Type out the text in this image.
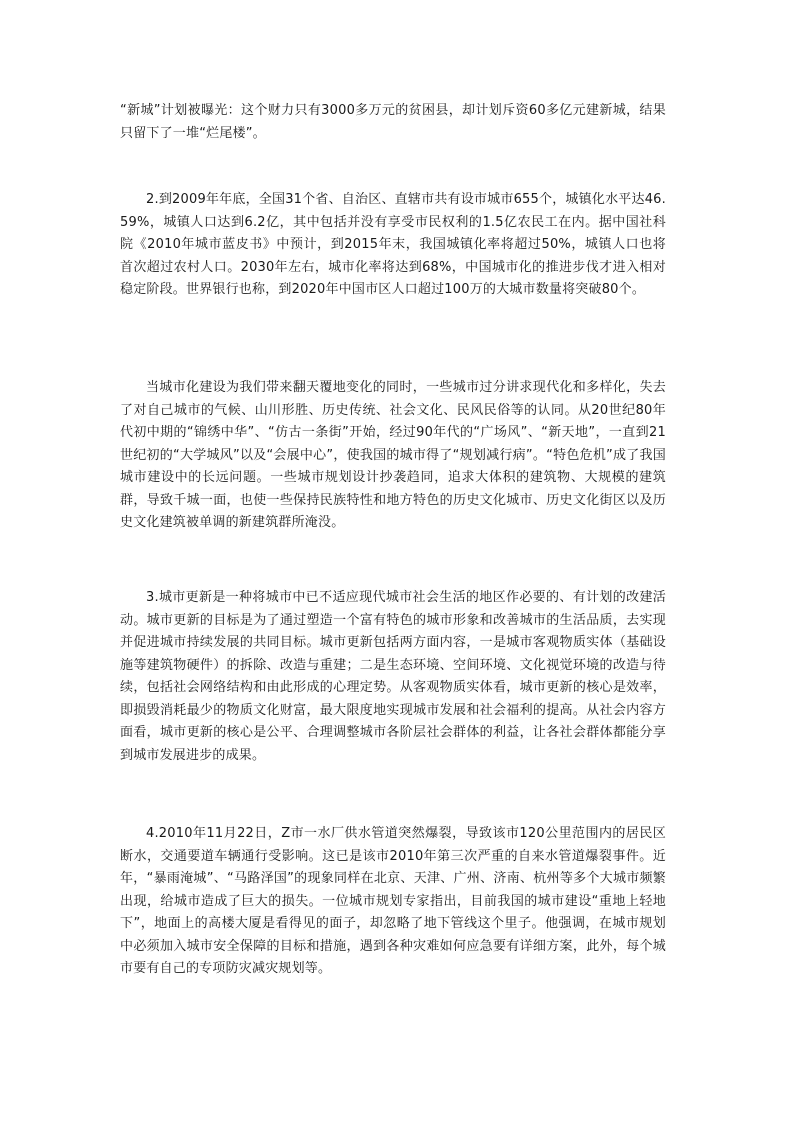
“新城”计划被曝光：这个财力只有3000多万元的贫困县，却计划斥资60多亿元建新城，结果只留下了一堆“烂尾楼”。

2.到2009年年底，全国31个省、自治区、直辖市共有设市城市655个，城镇化水平达46.59%，城镇人口达到6.2亿，其中包括并没有享受市民权利的1.5亿农民工在内。据中国社科院《2010年城市蓝皮书》中预计，到2015年末，我国城镇化率将超过50%，城镇人口也将首次超过农村人口。2030年左右，城市化率将达到68%，中国城市化的推进步伐才进入相对稳定阶段。世界银行也称，到2020年中国市区人口超过100万的大城市数量将突破80个。

当城市化建设为我们带来翻天覆地变化的同时，一些城市过分讲求现代化和多样化，失去了对自己城市的气候、山川形胜、历史传统、社会文化、民风民俗等的认同。从20世纪80年代初中期的“锦绣中华”、“仿古一条街”开始，经过90年代的“广场风”、“新天地”，一直到21世纪初的“大学城风”以及“会展中心”，使我国的城市得了“规划减行病”。“特色危机”成了我国城市建设中的长远问题。一些城市规划设计抄袭趋同，追求大体积的建筑物、大规模的建筑群，导致千城一面，也使一些保持民族特性和地方特色的历史文化城市、历史文化街区以及历史文化建筑被单调的新建筑群所淹没。

3.城市更新是一种将城市中已不适应现代城市社会生活的地区作必要的、有计划的改建活动。城市更新的目标是为了通过塑造一个富有特色的城市形象和改善城市的生活品质，去实现并促进城市持续发展的共同目标。城市更新包括两方面内容，一是城市客观物质实体（基础设施等建筑物硬件）的拆除、改造与重建；二是生态环境、空间环境、文化视觉环境的改造与待续，包括社会网络结构和由此形成的心理定势。从客观物质实体看，城市更新的核心是效率，即损毁消耗最少的物质文化财富，最大限度地实现城市发展和社会福利的提高。从社会内容方面看，城市更新的核心是公平、合理调整城市各阶层社会群体的利益，让各社会群体都能分享到城市发展进步的成果。

4.2010年11月22日，Z市一水厂供水管道突然爆裂，导致该市120公里范围内的居民区断水，交通要道车辆通行受影响。这已是该市2010年第三次严重的自来水管道爆裂事件。近年，“暴雨淹城”、“马路泽国”的现象同样在北京、天津、广州、济南、杭州等多个大城市频繁出现，给城市造成了巨大的损失。一位城市规划专家指出，目前我国的城市建设“重地上轻地下”，地面上的高楼大厦是看得见的面子，却忽略了地下管线这个里子。他强调，在城市规划中必须加入城市安全保障的目标和措施，遇到各种灾难如何应急要有详细方案，此外，每个城市要有自己的专项防灾减灾规划等。
